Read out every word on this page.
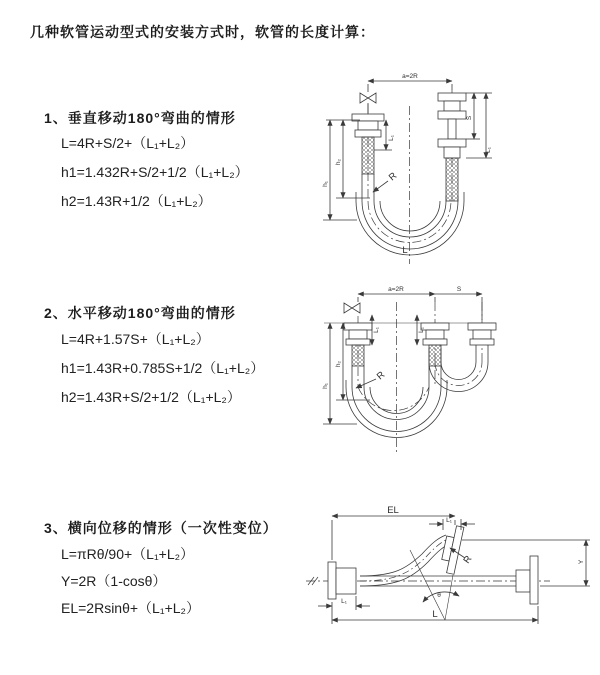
几种软管运动型式的安装方式时，软管的长度计算：
1、垂直移动180°弯曲的情形
L=4R+S/2+（L₁+L₂）
h1=1.432R+S/2+1/2（L₁+L₂）
h2=1.43R+1/2（L₁+L₂）
2、水平移动180°弯曲的情形
L=4R+1.57S+（L₁+L₂）
h1=1.43R+0.785S+1/2（L₁+L₂）
h2=1.43R+S/2+1/2（L₁+L₂）
3、横向位移的情形（一次性变位）
L=πRθ/90+（L₁+L₂）
Y=2R（1-cosθ）
EL=2Rsinθ+（L₁+L₂）
a=2R
L₁
h₂
h₁
S
L₁
R
L
a=2R	S
L₁	L₁
h₂
h₁
R
EL
L₁
Y
L
L₁
θ
R
